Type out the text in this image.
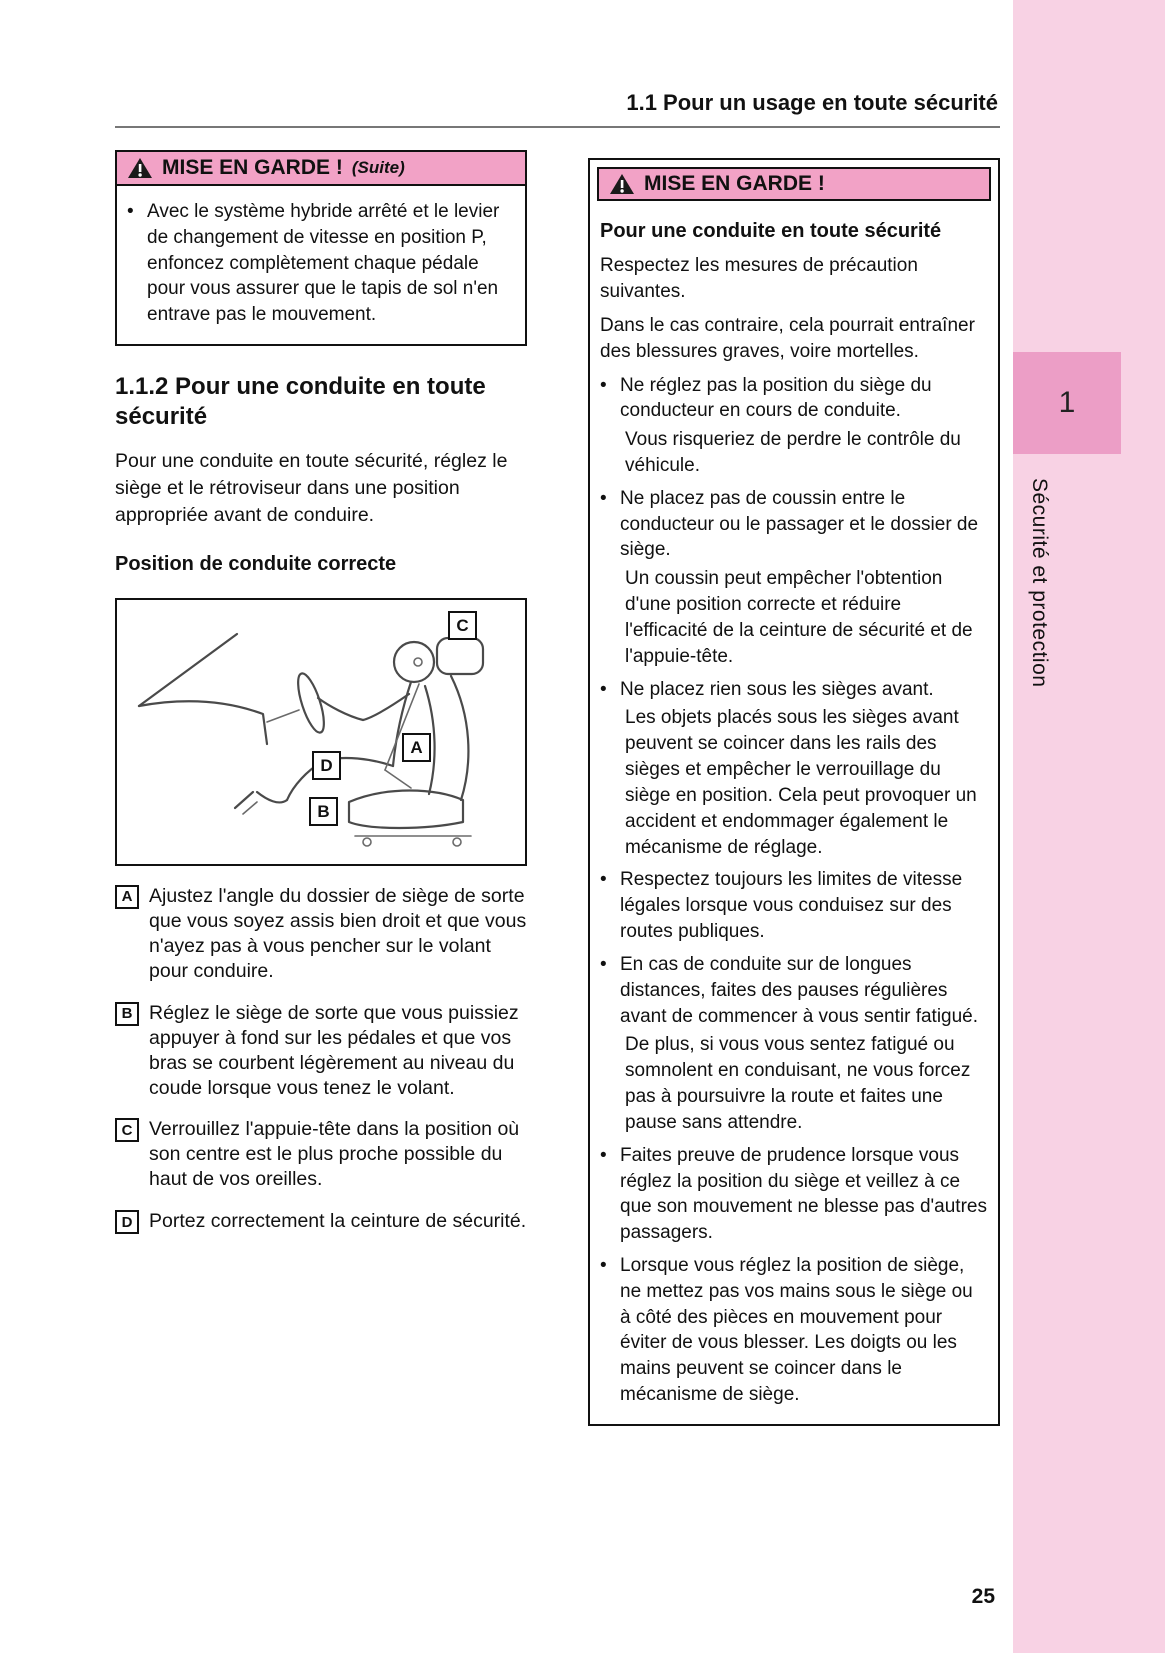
1
Sécurité et protection
1.1 Pour un usage en toute sécurité
MISE EN GARDE ! (Suite)
• Avec le système hybride arrêté et le levier de changement de vitesse en position P, enfoncez complètement chaque pédale pour vous assurer que le tapis de sol n'en entrave pas le mouvement.
1.1.2 Pour une conduite en toute sécurité
Pour une conduite en toute sécurité, réglez le siège et le rétroviseur dans une position appropriée avant de conduire.
Position de conduite correcte
C
A
D
B
A Ajustez l'angle du dossier de siège de sorte que vous soyez assis bien droit et que vous n'ayez pas à vous pencher sur le volant pour conduire.
B Réglez le siège de sorte que vous puissiez appuyer à fond sur les pédales et que vos bras se courbent légèrement au niveau du coude lorsque vous tenez le volant.
C Verrouillez l'appuie-tête dans la position où son centre est le plus proche possible du haut de vos oreilles.
D Portez correctement la ceinture de sécurité.
MISE EN GARDE !
Pour une conduite en toute sécurité

Respectez les mesures de précaution suivantes.

Dans le cas contraire, cela pourrait entraîner des blessures graves, voire mortelles.

• Ne réglez pas la position du siège du conducteur en cours de conduite.
Vous risqueriez de perdre le contrôle du véhicule.
• Ne placez pas de coussin entre le conducteur ou le passager et le dossier de siège.
Un coussin peut empêcher l'obtention d'une position correcte et réduire l'efficacité de la ceinture de sécurité et de l'appuie-tête.
• Ne placez rien sous les sièges avant.
Les objets placés sous les sièges avant peuvent se coincer dans les rails des sièges et empêcher le verrouillage du siège en position. Cela peut provoquer un accident et endommager également le mécanisme de réglage.
• Respectez toujours les limites de vitesse légales lorsque vous conduisez sur des routes publiques.
• En cas de conduite sur de longues distances, faites des pauses régulières avant de commencer à vous sentir fatigué.
De plus, si vous vous sentez fatigué ou somnolent en conduisant, ne vous forcez pas à poursuivre la route et faites une pause sans attendre.
• Faites preuve de prudence lorsque vous réglez la position du siège et veillez à ce que son mouvement ne blesse pas d'autres passagers.
• Lorsque vous réglez la position de siège, ne mettez pas vos mains sous le siège ou à côté des pièces en mouvement pour éviter de vous blesser. Les doigts ou les mains peuvent se coincer dans le mécanisme de siège.
25
